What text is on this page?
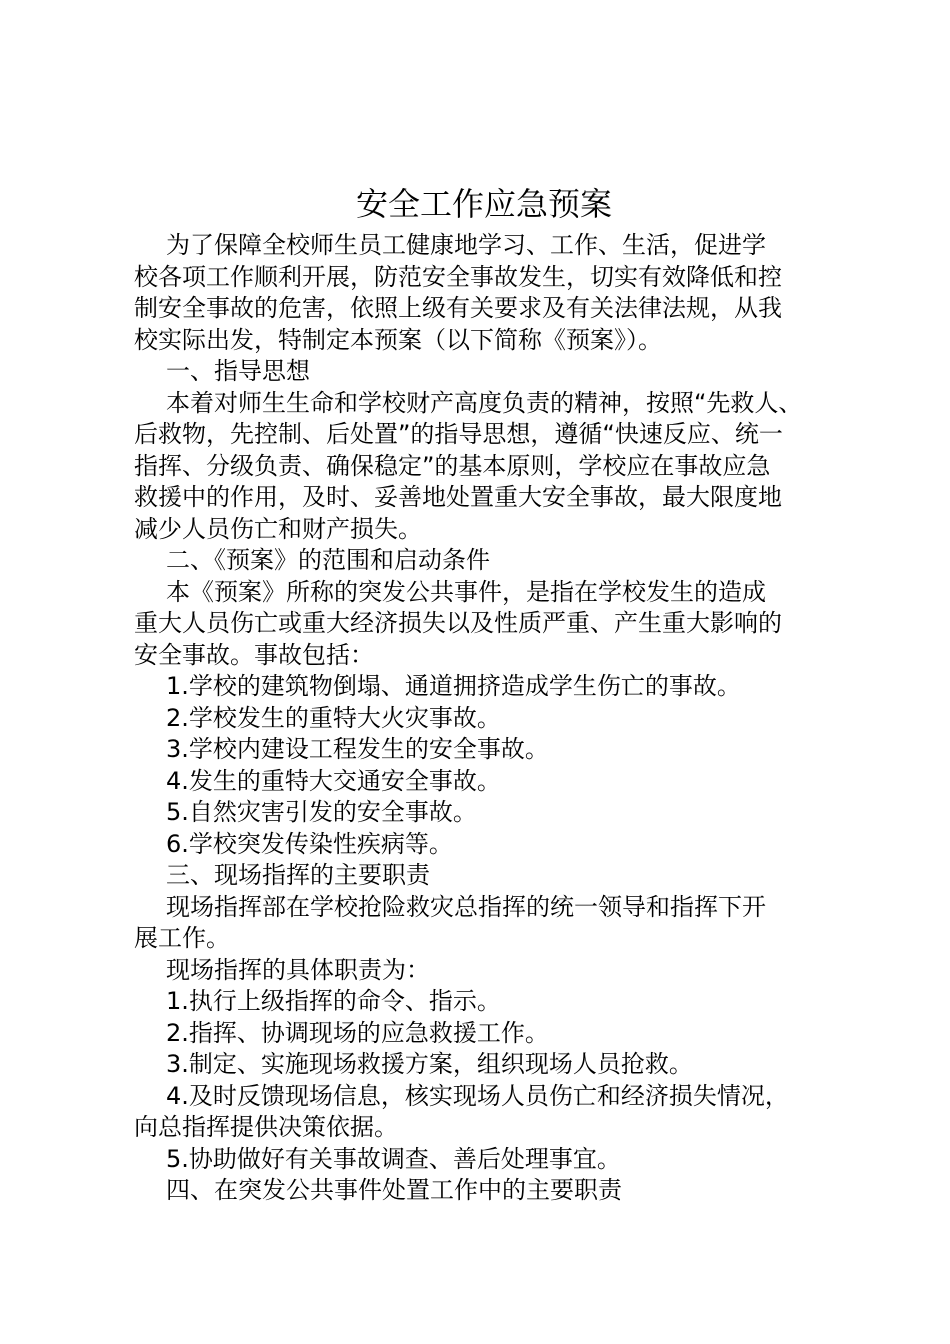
安全工作应急预案
为了保障全校师生员工健康地学习、工作、生活，促进学
校各项工作顺利开展，防范安全事故发生，切实有效降低和控
制安全事故的危害，依照上级有关要求及有关法律法规，从我
校实际出发，特制定本预案（以下简称《预案》）。
一、指导思想
本着对师生生命和学校财产高度负责的精神，按照“先救人、
后救物，先控制、后处置”的指导思想，遵循“快速反应、统一
指挥、分级负责、确保稳定”的基本原则，学校应在事故应急
救援中的作用，及时、妥善地处置重大安全事故，最大限度地
减少人员伤亡和财产损失。
二、《预案》的范围和启动条件
本《预案》所称的突发公共事件，是指在学校发生的造成
重大人员伤亡或重大经济损失以及性质严重、产生重大影响的
安全事故。事故包括：
1.学校的建筑物倒塌、通道拥挤造成学生伤亡的事故。
2.学校发生的重特大火灾事故。
3.学校内建设工程发生的安全事故。
4.发生的重特大交通安全事故。
5.自然灾害引发的安全事故。
6.学校突发传染性疾病等。
三、现场指挥的主要职责
现场指挥部在学校抢险救灾总指挥的统一领导和指挥下开
展工作。
现场指挥的具体职责为：
1.执行上级指挥的命令、指示。
2.指挥、协调现场的应急救援工作。
3.制定、实施现场救援方案，组织现场人员抢救。
4.及时反馈现场信息，核实现场人员伤亡和经济损失情况，
向总指挥提供决策依据。
5.协助做好有关事故调查、善后处理事宜。
四、在突发公共事件处置工作中的主要职责
